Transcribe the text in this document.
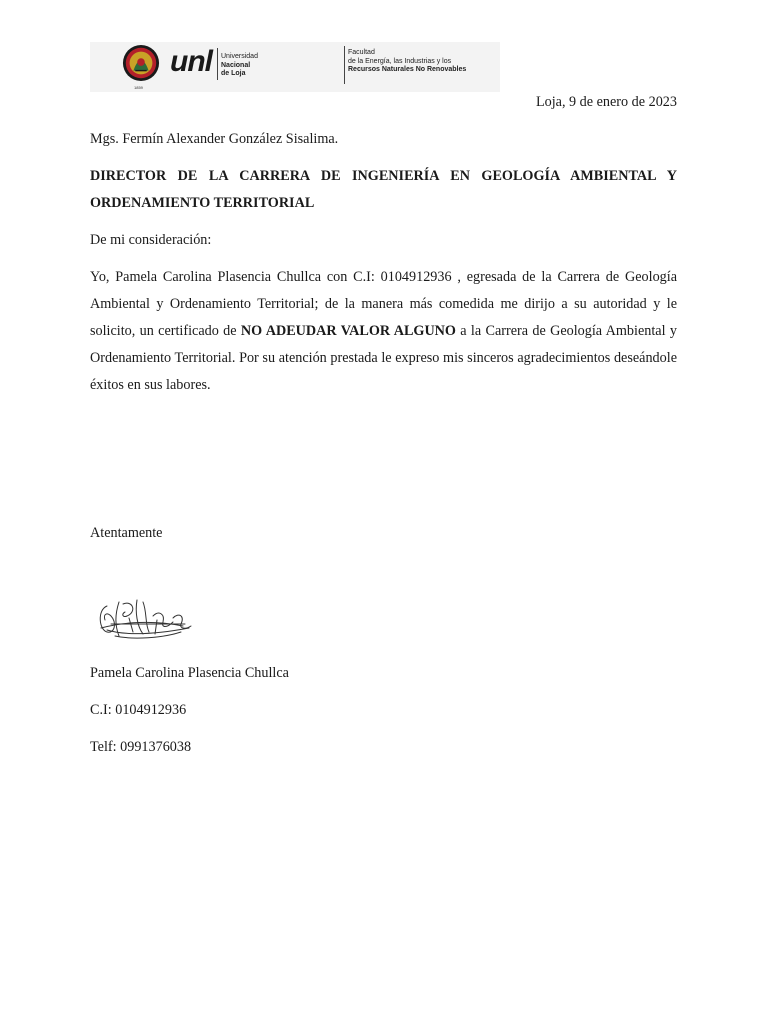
1859
unl Universidad
Nacional
de Loja
Facultad
de la Energía, las Industrias y los
Recursos Naturales No Renovables
Loja, 9 de enero de 2023

Mgs. Fermín Alexander González Sisalima.

DIRECTOR DE LA CARRERA DE INGENIERÍA EN GEOLOGÍA AMBIENTAL Y ORDENAMIENTO TERRITORIAL

De mi consideración:

Yo, Pamela Carolina Plasencia Chullca con C.I: 0104912936 , egresada de la Carrera de Geología Ambiental y Ordenamiento Territorial; de la manera más comedida me dirijo a su autoridad y le solicito, un certificado de NO ADEUDAR VALOR ALGUNO a la Carrera de Geología Ambiental y Ordenamiento Territorial. Por su atención prestada le expreso mis sinceros agradecimientos deseándole éxitos en sus labores.

Atentamente

Pamela Carolina Plasencia Chullca

C.I: 0104912936

Telf: 0991376038
